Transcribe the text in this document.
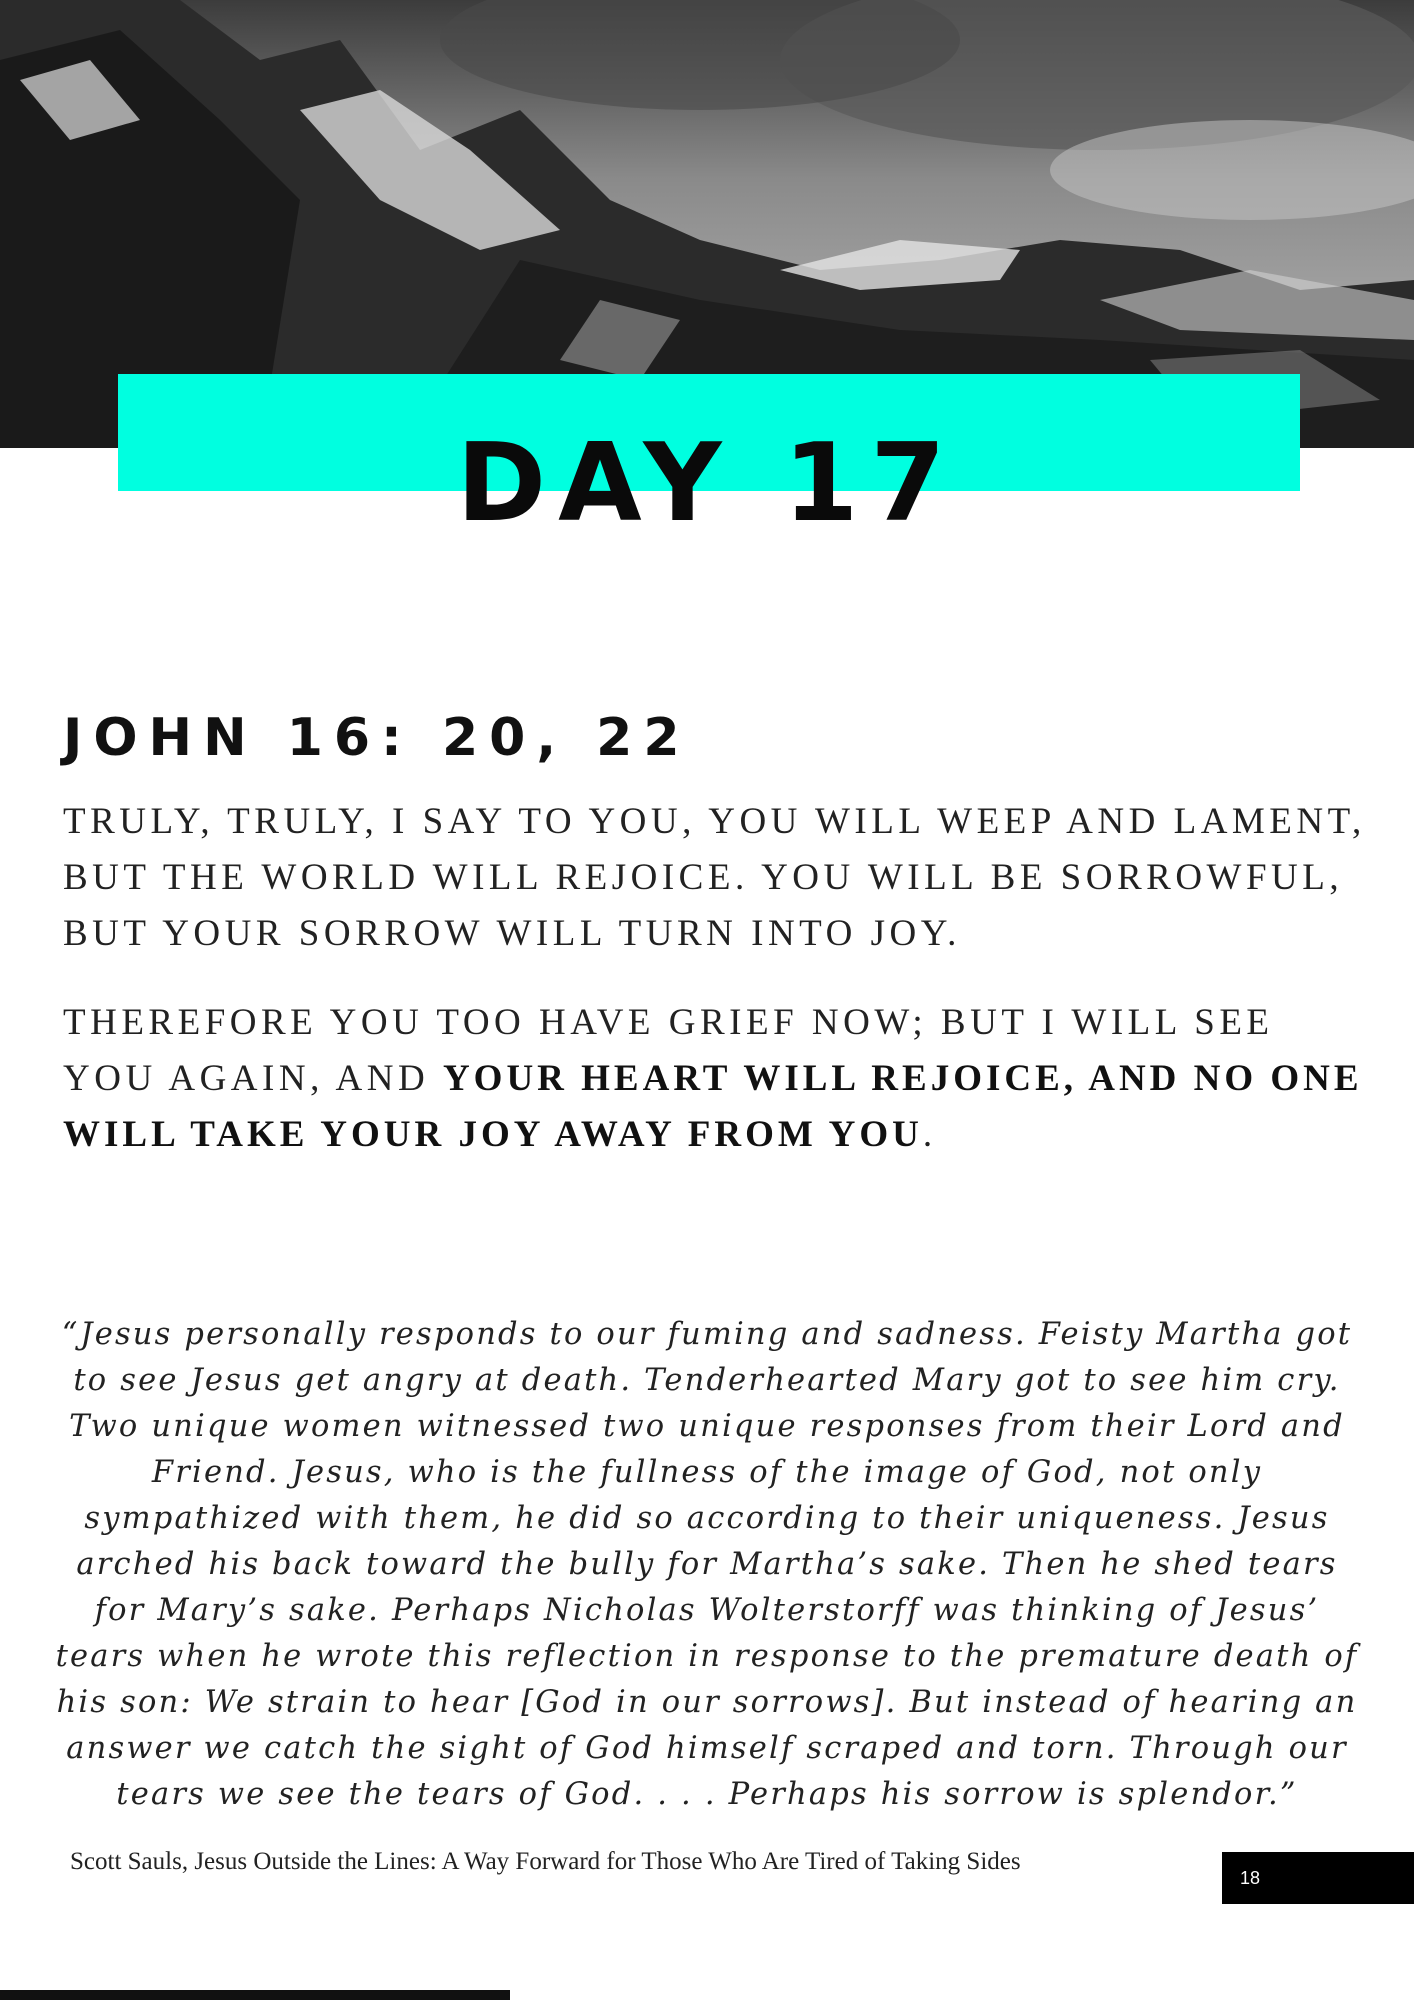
DAY 17
JOHN 16: 20, 22
TRULY, TRULY, I SAY TO YOU, YOU WILL WEEP AND LAMENT, BUT THE WORLD WILL REJOICE. YOU WILL BE SORROWFUL, BUT YOUR SORROW WILL TURN INTO JOY.
THEREFORE YOU TOO HAVE GRIEF NOW; BUT I WILL SEE YOU AGAIN, AND YOUR HEART WILL REJOICE, AND NO ONE WILL TAKE YOUR JOY AWAY FROM YOU.
“Jesus personally responds to our fuming and sadness. Feisty Martha got to see Jesus get angry at death. Tenderhearted Mary got to see him cry. Two unique women witnessed two unique responses from their Lord and Friend. Jesus, who is the fullness of the image of God, not only sympathized with them, he did so according to their uniqueness. Jesus arched his back toward the bully for Martha’s sake. Then he shed tears for Mary’s sake. Perhaps Nicholas Wolterstorff was thinking of Jesus’ tears when he wrote this reflection in response to the premature death of his son: We strain to hear [God in our sorrows]. But instead of hearing an answer we catch the sight of God himself scraped and torn. Through our tears we see the tears of God. . . . Perhaps his sorrow is splendor.”
Scott Sauls, Jesus Outside the Lines: A Way Forward for Those Who Are Tired of Taking Sides
18
